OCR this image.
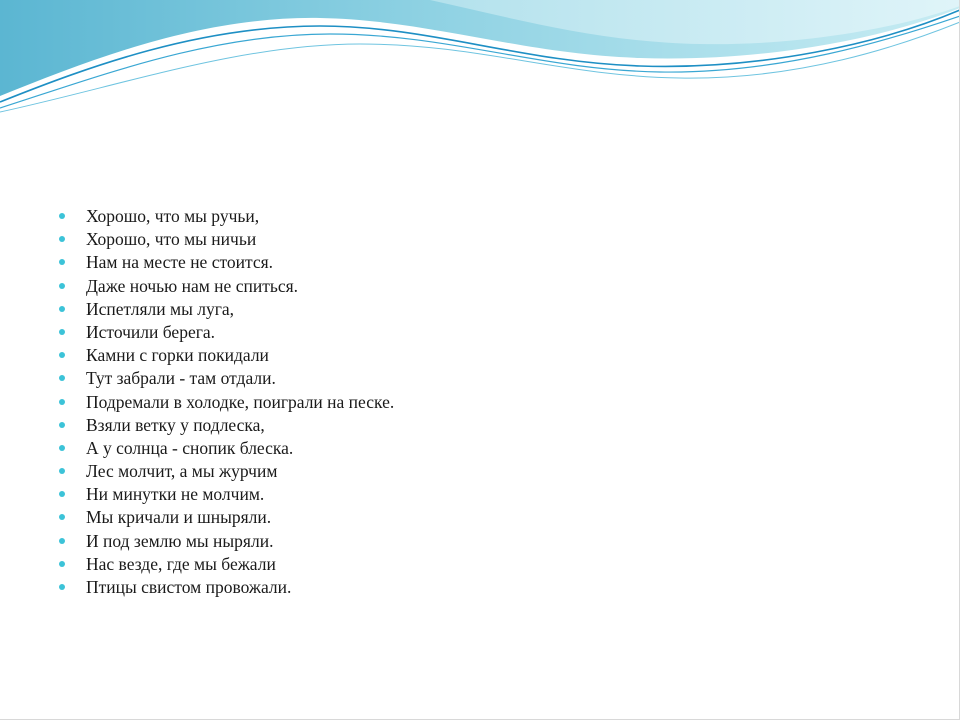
Хорошо, что мы ручьи,
Хорошо, что мы ничьи
Нам на месте не стоится.
Даже ночью нам не спиться.
Испетляли мы луга,
Источили берега.
Камни с горки покидали
Тут забрали - там отдали.
Подремали в холодке, поиграли на песке.
Взяли ветку у подлеска,
А у солнца - снопик блеска.
Лес молчит, а мы журчим
Ни минутки не молчим.
Мы кричали и шныряли.
И под землю мы ныряли.
Нас везде, где мы бежали
Птицы свистом провожали.
